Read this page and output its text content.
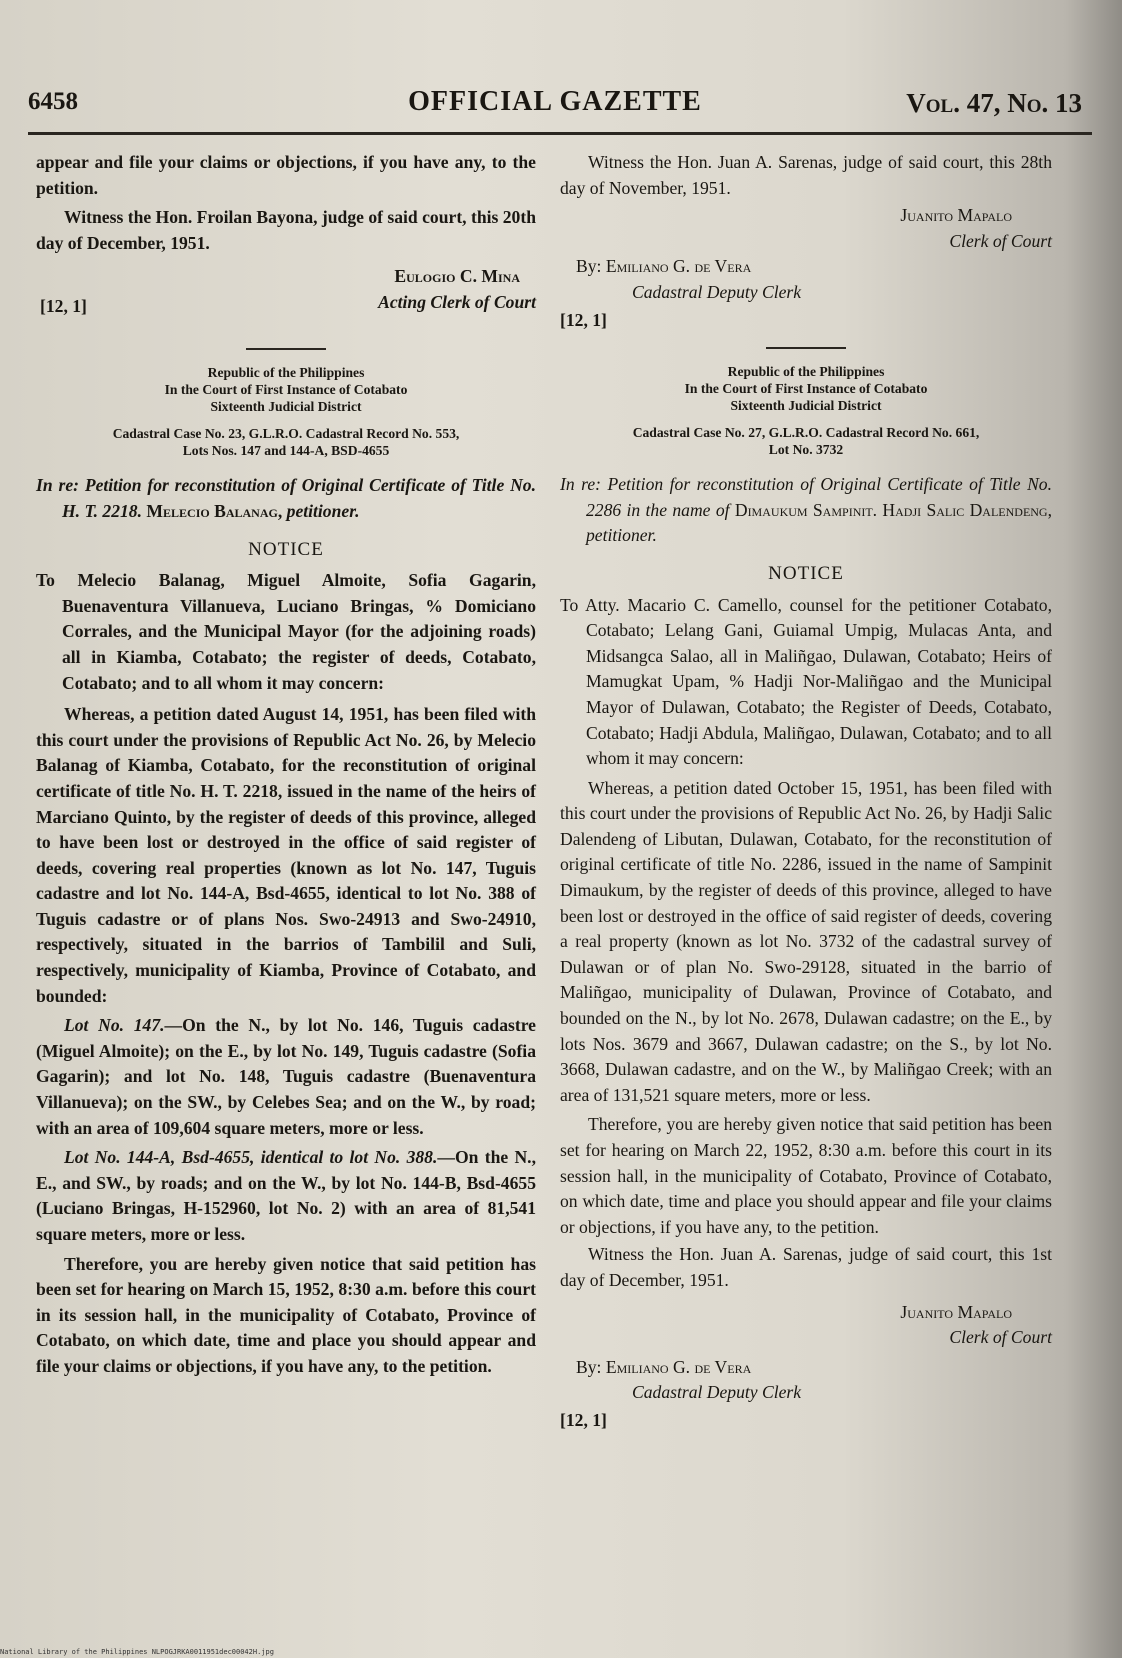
6458	OFFICIAL GAZETTE	Vol. 47, No. 13

appear and file your claims or objections, if you have any, to the petition.

Witness the Hon. Froilan Bayona, judge of said court, this 20th day of December, 1951.

Eulogio C. Mina
Acting Clerk of Court
[12, 1]
Republic of the Philippines
In the Court of First Instance of Cotabato
Sixteenth Judicial District
Cadastral Case No. 23, G.L.R.O. Cadastral Record No. 553,
Lots Nos. 147 and 144-A, BSD-4655

In re: Petition for reconstitution of Original Certificate of Title No. H. T. 2218. Melecio Balanag, petitioner.

NOTICE

To Melecio Balanag, Miguel Almoite, Sofia Gagarin, Buenaventura Villanueva, Luciano Bringas, % Domiciano Corrales, and the Municipal Mayor (for the adjoining roads) all in Kiamba, Cotabato; the register of deeds, Cotabato, Cotabato; and to all whom it may concern:

Whereas, a petition dated August 14, 1951, has been filed with this court under the provisions of Republic Act No. 26, by Melecio Balanag of Kiamba, Cotabato, for the reconstitution of original certificate of title No. H. T. 2218, issued in the name of the heirs of Marciano Quinto, by the register of deeds of this province, alleged to have been lost or destroyed in the office of said register of deeds, covering real properties (known as lot No. 147, Tuguis cadastre and lot No. 144-A, Bsd-4655, identical to lot No. 388 of Tuguis cadastre or of plans Nos. Swo-24913 and Swo-24910, respectively, situated in the barrios of Tambilil and Suli, respectively, municipality of Kiamba, Province of Cotabato, and bounded:

Lot No. 147.—On the N., by lot No. 146, Tuguis cadastre (Miguel Almoite); on the E., by lot No. 149, Tuguis cadastre (Sofia Gagarin); and lot No. 148, Tuguis cadastre (Buenaventura Villanueva); on the SW., by Celebes Sea; and on the W., by road; with an area of 109,604 square meters, more or less.

Lot No. 144-A, Bsd-4655, identical to lot No. 388.—On the N., E., and SW., by roads; and on the W., by lot No. 144-B, Bsd-4655 (Luciano Bringas, H-152960, lot No. 2) with an area of 81,541 square meters, more or less.

Therefore, you are hereby given notice that said petition has been set for hearing on March 15, 1952, 8:30 a.m. before this court in its session hall, in the municipality of Cotabato, Province of Cotabato, on which date, time and place you should appear and file your claims or objections, if you have any, to the petition.

Witness the Hon. Juan A. Sarenas, judge of said court, this 28th day of November, 1951.

Juanito Mapalo
Clerk of Court
By: Emiliano G. de Vera
Cadastral Deputy Clerk
[12, 1]
Republic of the Philippines
In the Court of First Instance of Cotabato
Sixteenth Judicial District
Cadastral Case No. 27, G.L.R.O. Cadastral Record No. 661,
Lot No. 3732

In re: Petition for reconstitution of Original Certificate of Title No. 2286 in the name of Dimaukum Sampinit. Hadji Salic Dalendeng, petitioner.

NOTICE

To Atty. Macario C. Camello, counsel for the petitioner Cotabato, Cotabato; Lelang Gani, Guiamal Umpig, Mulacas Anta, and Midsangca Salao, all in Maliñgao, Dulawan, Cotabato; Heirs of Mamugkat Upam, % Hadji Nor-Maliñgao and the Municipal Mayor of Dulawan, Cotabato; the Register of Deeds, Cotabato, Cotabato; Hadji Abdula, Maliñgao, Dulawan, Cotabato; and to all whom it may concern:

Whereas, a petition dated October 15, 1951, has been filed with this court under the provisions of Republic Act No. 26, by Hadji Salic Dalendeng of Libutan, Dulawan, Cotabato, for the reconstitution of original certificate of title No. 2286, issued in the name of Sampinit Dimaukum, by the register of deeds of this province, alleged to have been lost or destroyed in the office of said register of deeds, covering a real property (known as lot No. 3732 of the cadastral survey of Dulawan or of plan No. Swo-29128, situated in the barrio of Maliñgao, municipality of Dulawan, Province of Cotabato, and bounded on the N., by lot No. 2678, Dulawan cadastre; on the E., by lots Nos. 3679 and 3667, Dulawan cadastre; on the S., by lot No. 3668, Dulawan cadastre, and on the W., by Maliñgao Creek; with an area of 131,521 square meters, more or less.

Therefore, you are hereby given notice that said petition has been set for hearing on March 22, 1952, 8:30 a.m. before this court in its session hall, in the municipality of Cotabato, Province of Cotabato, on which date, time and place you should appear and file your claims or objections, if you have any, to the petition.

Witness the Hon. Juan A. Sarenas, judge of said court, this 1st day of December, 1951.

Juanito Mapalo
Clerk of Court
By: Emiliano G. de Vera
Cadastral Deputy Clerk
[12, 1]
National Library of the Philippines NLPOGJRKA0011951dec00042H.jpg
